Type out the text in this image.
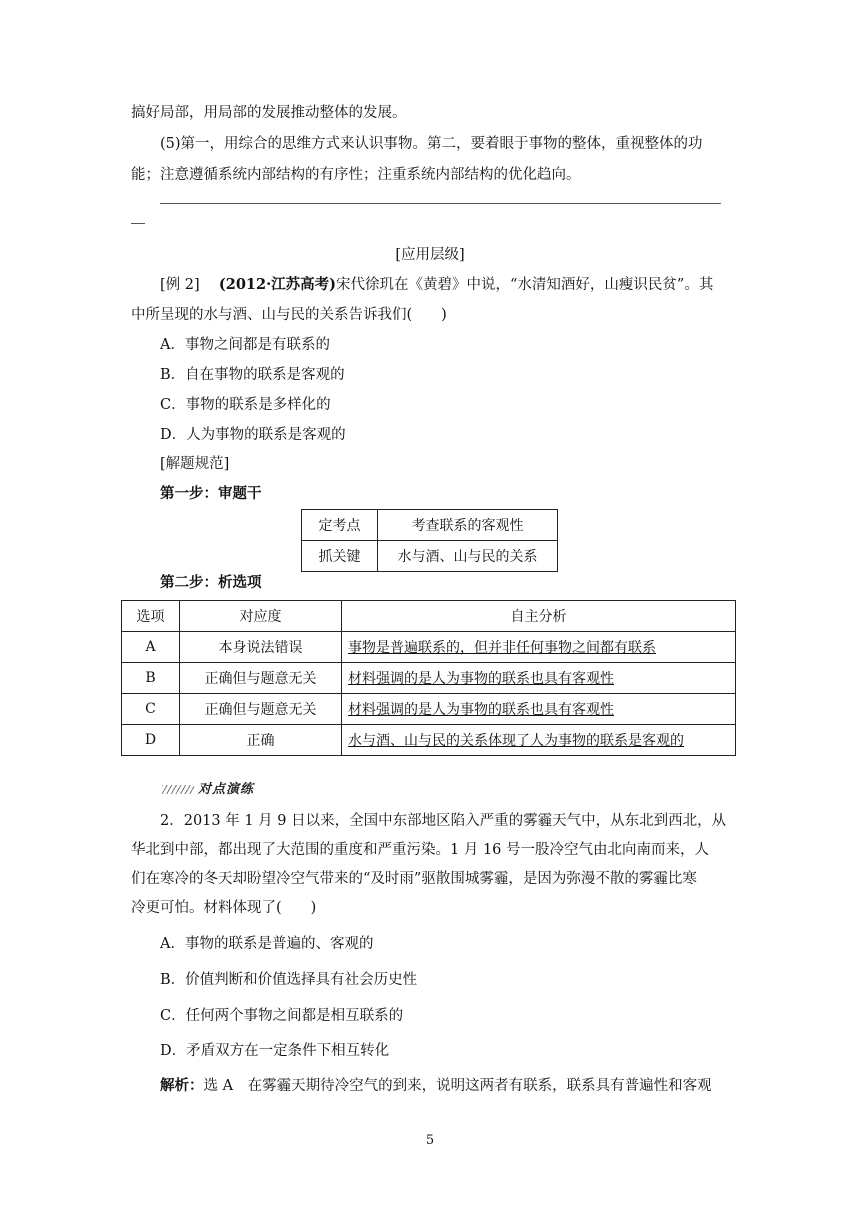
搞好局部，用局部的发展推动整体的发展。
(5)第一，用综合的思维方式来认识事物。第二，要着眼于事物的整体，重视整体的功
能；注意遵循系统内部结构的有序性；注重系统内部结构的优化趋向。
[应用层级]
[例 2] (2012·江苏高考)宋代徐玑在《黄碧》中说，“水清知酒好，山瘦识民贫”。其
中所呈现的水与酒、山与民的关系告诉我们(　　)
A．事物之间都是有联系的
B．自在事物的联系是客观的
C．事物的联系是多样化的
D．人为事物的联系是客观的
[解题规范]
第一步：审题干
定考点	考查联系的客观性
抓关键	水与酒、山与民的关系
第二步：析选项
选项	对应度	自主分析
A	本身说法错误	事物是普遍联系的，但并非任何事物之间都有联系
B	正确但与题意无关	材料强调的是人为事物的联系也具有客观性
C	正确但与题意无关	材料强调的是人为事物的联系也具有客观性
D	正确	水与酒、山与民的关系体现了人为事物的联系是客观的
对点演练
2．2013 年 1 月 9 日以来，全国中东部地区陷入严重的雾霾天气中，从东北到西北，从
华北到中部，都出现了大范围的重度和严重污染。1 月 16 号一股冷空气由北向南而来，人
们在寒冷的冬天却盼望冷空气带来的“及时雨”驱散围城雾霾，是因为弥漫不散的雾霾比寒
冷更可怕。材料体现了(　　)
A．事物的联系是普遍的、客观的
B．价值判断和价值选择具有社会历史性
C．任何两个事物之间都是相互联系的
D．矛盾双方在一定条件下相互转化
解析：选 A　在雾霾天期待冷空气的到来，说明这两者有联系，联系具有普遍性和客观
5
